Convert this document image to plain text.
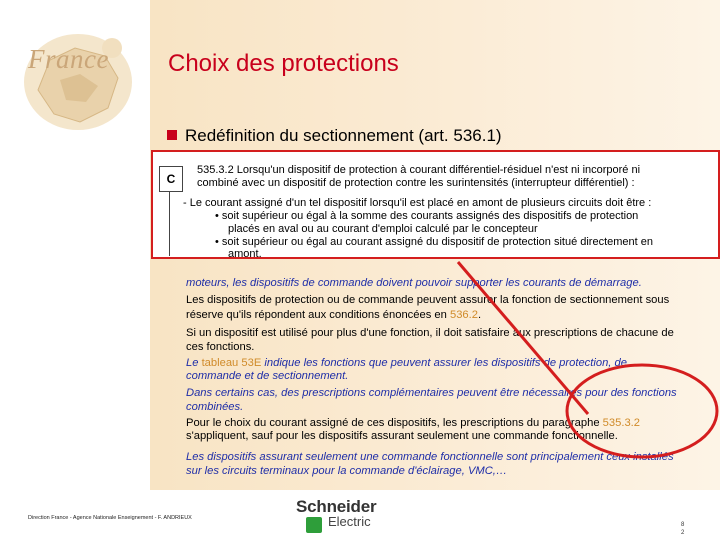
France Choix des protections
Redéfinition du sectionnement (art. 536.1)
moteurs, les dispositifs de commande doivent pouvoir supporter les courants de démarrage.
Les dispositifs de protection ou de commande peuvent assurer la fonction de sectionnement sous
réserve qu'ils répondent aux conditions énoncées en 536.2.
Si un dispositif est utilisé pour plus d'une fonction, il doit satisfaire aux prescriptions de chacune de
ces fonctions.
Le tableau 53E indique les fonctions que peuvent assurer les dispositifs de protection, de
commande et de sectionnement.
Dans certains cas, des prescriptions complémentaires peuvent être nécessaires pour des fonctions
combinées.
Pour le choix du courant assigné de ces dispositifs, les prescriptions du paragraphe 535.3.2
s'appliquent, sauf pour les dispositifs assurant seulement une commande fonctionnelle.
Les dispositifs assurant seulement une commande fonctionnelle sont principalement ceux installés
sur les circuits terminaux pour la commande d'éclairage, VMC,…
C
535.3.2 Lorsqu'un dispositif de protection à courant différentiel-résiduel n'est ni incorporé ni
combiné avec un dispositif de protection contre les surintensités (interrupteur différentiel) :
- Le courant assigné d'un tel dispositif lorsqu'il est placé en amont de plusieurs circuits doit être :
• soit supérieur ou égal à la somme des courants assignés des dispositifs de protection
placés en aval ou au courant d'emploi calculé par le concepteur
• soit supérieur ou égal au courant assigné du dispositif de protection situé directement en
amont.
Direction France - Agence Nationale Enseignement - F. ANDRIEUX
Schneider
Electric	8
2
